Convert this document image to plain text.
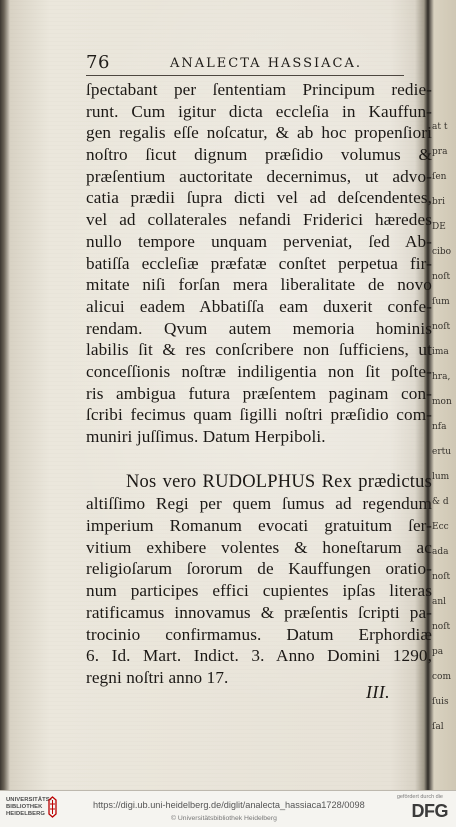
76	ANALECTA HASSIACA.
ſpectabant per ſententiam Principum redie-
runt. Cum igitur dicta eccleſia in Kauffun-
gen regalis eſſe noſcatur, & ab hoc propenſiori
noſtro ſicut dignum præſidio volumus &
præſentium auctoritate decernimus, ut advo-
catia prædii ſupra dicti vel ad deſcendentes,
vel ad collaterales nefandi Friderici hæredes
nullo tempore unquam perveniat, ſed Ab-
batiſſa eccleſiæ præfatæ conſtet perpetua fir-
mitate niſi forſan mera liberalitate de novo
alicui eadem Abbatiſſa eam duxerit confe-
rendam. Qvum autem memoria hominis
labilis ſit & res conſcribere non ſufficiens, ut
conceſſionis noſtræ indiligentia non ſit poſte-
ris ambigua futura præſentem paginam con-
ſcribi fecimus quam ſigilli noſtri præſidio com-
muniri juſſimus. Datum Herpiboli.
Nos vero RUDOLPHUS Rex prædictus
altiſſimo Regi per quem ſumus ad regendum
imperium Romanum evocati gratuitum ſer-
vitium exhibere volentes & honeſtarum ac
religioſarum ſororum de Kauffungen oratio-
num participes effici cupientes ipſas literas
ratificamus innovamus & præſentis ſcripti pa-
trocinio confirmamus. Datum Erphordiæ
6. Id. Mart. Indict. 3. Anno Domini 1290,
regni noſtri anno 17.
III.
at t
pra
ſen
bri
DE
cibo
noſt
ſum
noſt
ima
hra,
mon
nfa
ertu
lum
& d
Ecc
ada
noſt
anl
noſt
pa
com
ſuis
ſal
UNIVERSITÄTS-
BIBLIOTHEK
HEIDELBERG
https://digi.ub.uni-heidelberg.de/diglit/analecta_hassiaca1728/0098
© Universitätsbibliothek Heidelberg
gefördert durch die
DFG
